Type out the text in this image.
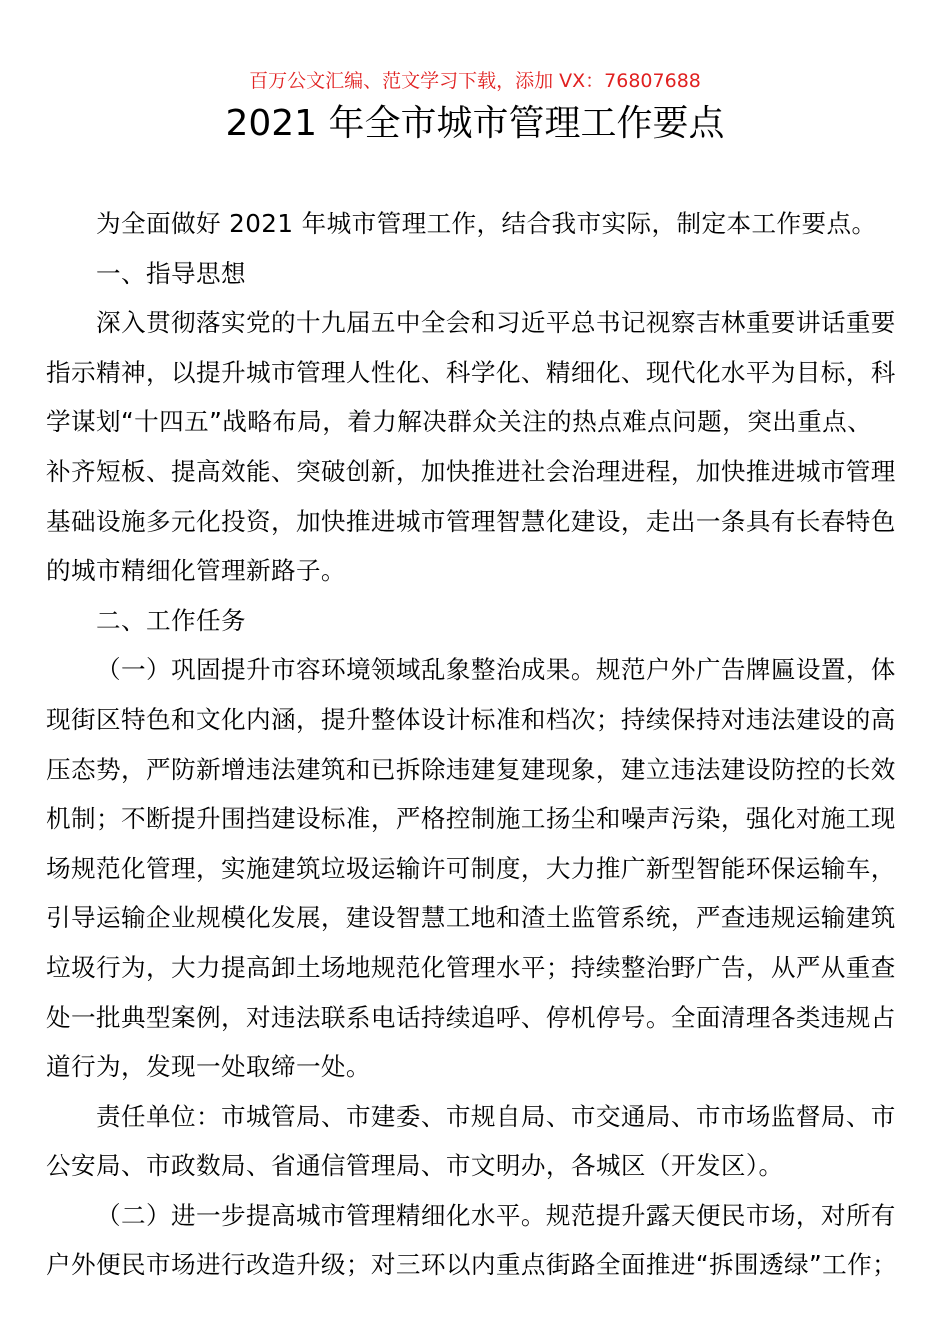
百万公文汇编、范文学习下载，添加 VX：76807688
2021 年全市城市管理工作要点

为全面做好 2021 年城市管理工作，结合我市实际，制定本工作要点。

一、指导思想

深入贯彻落实党的十九届五中全会和习近平总书记视察吉林重要讲话重要
指示精神，以提升城市管理人性化、科学化、精细化、现代化水平为目标，科
学谋划“十四五”战略布局，着力解决群众关注的热点难点问题，突出重点、
补齐短板、提高效能、突破创新，加快推进社会治理进程，加快推进城市管理
基础设施多元化投资，加快推进城市管理智慧化建设，走出一条具有长春特色
的城市精细化管理新路子。

二、工作任务

（一）巩固提升市容环境领域乱象整治成果。规范户外广告牌匾设置，体
现街区特色和文化内涵，提升整体设计标准和档次；持续保持对违法建设的高
压态势，严防新增违法建筑和已拆除违建复建现象，建立违法建设防控的长效
机制；不断提升围挡建设标准，严格控制施工扬尘和噪声污染，强化对施工现
场规范化管理，实施建筑垃圾运输许可制度，大力推广新型智能环保运输车，
引导运输企业规模化发展，建设智慧工地和渣土监管系统，严查违规运输建筑
垃圾行为，大力提高卸土场地规范化管理水平；持续整治野广告，从严从重查
处一批典型案例，对违法联系电话持续追呼、停机停号。全面清理各类违规占
道行为，发现一处取缔一处。

责任单位：市城管局、市建委、市规自局、市交通局、市市场监督局、市
公安局、市政数局、省通信管理局、市文明办，各城区（开发区）。

（二）进一步提高城市管理精细化水平。规范提升露天便民市场，对所有
户外便民市场进行改造升级；对三环以内重点街路全面推进“拆围透绿”工作；
